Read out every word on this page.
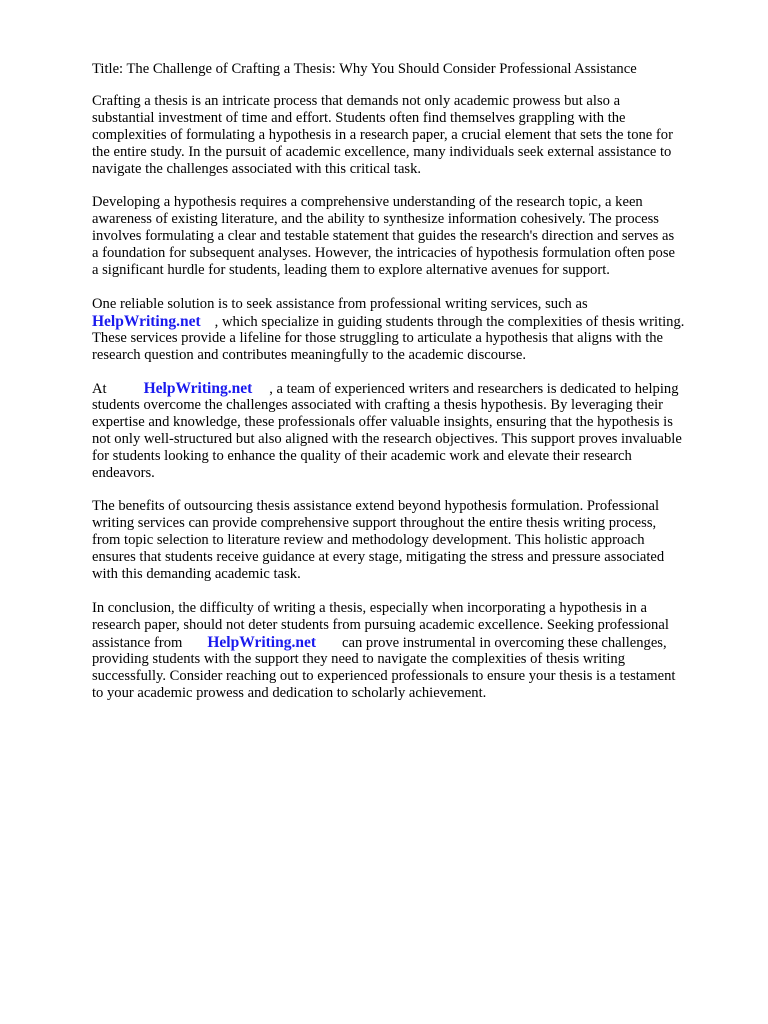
Title: The Challenge of Crafting a Thesis: Why You Should Consider Professional Assistance
Crafting a thesis is an intricate process that demands not only academic prowess but also a
substantial investment of time and effort. Students often find themselves grappling with the
complexities of formulating a hypothesis in a research paper, a crucial element that sets the tone for
the entire study. In the pursuit of academic excellence, many individuals seek external assistance to
navigate the challenges associated with this critical task.
Developing a hypothesis requires a comprehensive understanding of the research topic, a keen
awareness of existing literature, and the ability to synthesize information cohesively. The process
involves formulating a clear and testable statement that guides the research's direction and serves as
a foundation for subsequent analyses. However, the intricacies of hypothesis formulation often pose
a significant hurdle for students, leading them to explore alternative avenues for support.
One reliable solution is to seek assistance from professional writing services, such as
HelpWriting.net , which specialize in guiding students through the complexities of thesis writing.
These services provide a lifeline for those struggling to articulate a hypothesis that aligns with the
research question and contributes meaningfully to the academic discourse.
At HelpWriting.net , a team of experienced writers and researchers is dedicated to helping
students overcome the challenges associated with crafting a thesis hypothesis. By leveraging their
expertise and knowledge, these professionals offer valuable insights, ensuring that the hypothesis is
not only well-structured but also aligned with the research objectives. This support proves invaluable
for students looking to enhance the quality of their academic work and elevate their research
endeavors.
The benefits of outsourcing thesis assistance extend beyond hypothesis formulation. Professional
writing services can provide comprehensive support throughout the entire thesis writing process,
from topic selection to literature review and methodology development. This holistic approach
ensures that students receive guidance at every stage, mitigating the stress and pressure associated
with this demanding academic task.
In conclusion, the difficulty of writing a thesis, especially when incorporating a hypothesis in a
research paper, should not deter students from pursuing academic excellence. Seeking professional
assistance from HelpWriting.net can prove instrumental in overcoming these challenges,
providing students with the support they need to navigate the complexities of thesis writing
successfully. Consider reaching out to experienced professionals to ensure your thesis is a testament
to your academic prowess and dedication to scholarly achievement.
